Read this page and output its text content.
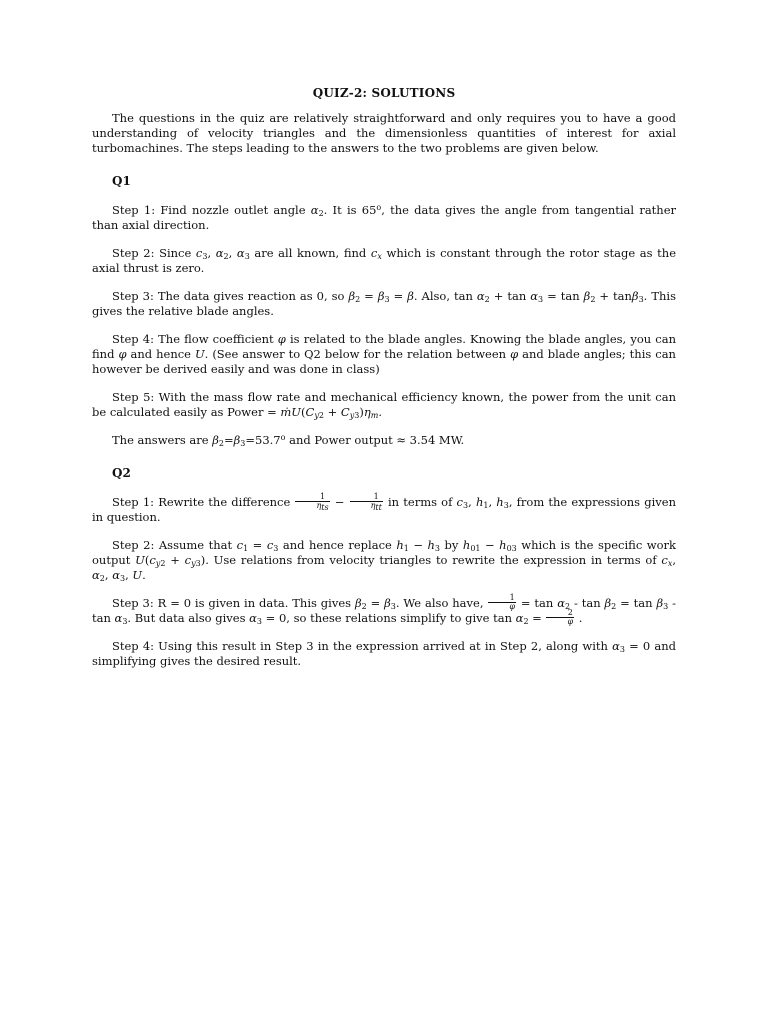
QUIZ-2: SOLUTIONS

The questions in the quiz are relatively straightforward and only requires you to have a good understanding of velocity triangles and the dimensionless quantities of interest for axial turbomachines. The steps leading to the answers to the two problems are given below.

Q1

Step 1: Find nozzle outlet angle $\alpha_2$. It is 65$^o$, the data gives the angle from tangential rather than axial direction.

Step 2: Since $c_3$, $\alpha_2$, $\alpha_3$ are all known, find $c_x$ which is constant through the rotor stage as the axial thrust is zero.

Step 3: The data gives reaction as 0, so $\beta_2 = \beta_3 = \beta$. Also, $\tan \alpha_2 + \tan \alpha_3 = \tan \beta_2 + \tan\beta_3$. This gives the relative blade angles.

Step 4: The flow coefficient φ is related to the blade angles. Knowing the blade angles, you can find φ and hence U. (See answer to Q2 below for the relation between φ and blade angles; this can however be derived easily and was done in class)

Step 5: With the mass flow rate and mechanical efficiency known, the power from the unit can be calculated easily as Power = $ṁU(C_{y2} + C_{y3})\eta_m$.

The answers are $\beta_2=\beta_3=53.7^o$ and Power output ≈ 3.54 MW.

Q2

Step 1: Rewrite the difference $\frac{1}{\eta_{ts}} - \frac{1}{\eta_{tt}}$ in terms of $c_3$, $h_1$, $h_3$, from the expressions given in question.

Step 2: Assume that $c_1 = c_3$ and hence replace $h_1 - h_3$ by $h_{01} - h_{03}$ which is the specific work output $U(c_{y2} + c_{y3})$. Use relations from velocity triangles to rewrite the expression in terms of $c_x$, $\alpha_2$, $\alpha_3$, U.

Step 3: R = 0 is given in data. This gives $\beta_2 = \beta_3$. We also have, $\frac{1}{\varphi} = \tan \alpha_2 - \tan \beta_2 = \tan \beta_3 - \tan \alpha_3$. But data also gives $\alpha_3 = 0$, so these relations simplify to give $\tan \alpha_2 = \frac{2}{\varphi}$ .

Step 4: Using this result in Step 3 in the expression arrived at in Step 2, along with $\alpha_3 = 0$ and simplifying gives the desired result.
